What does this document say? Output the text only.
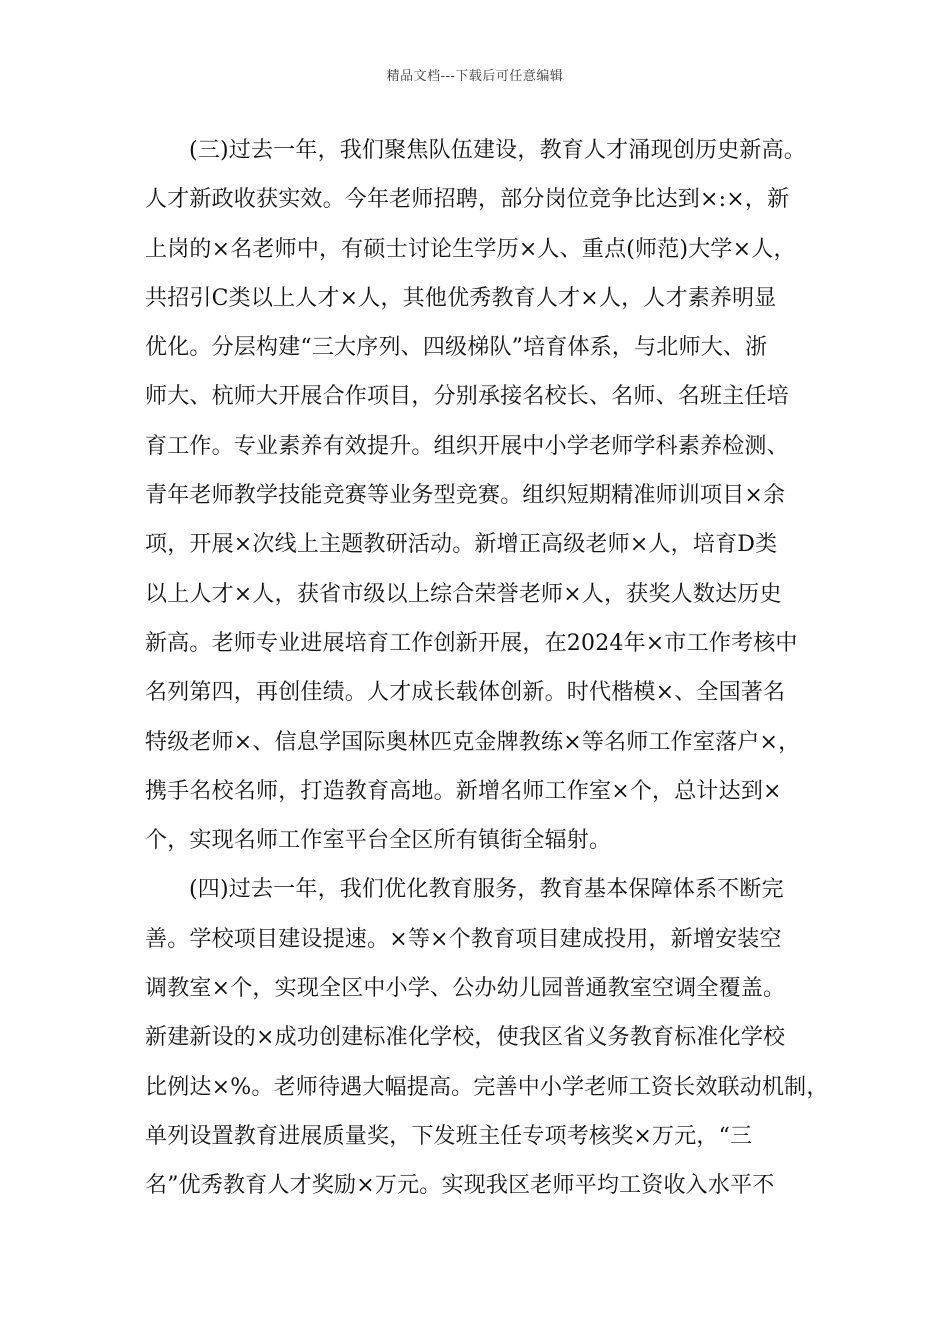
精品文档---下载后可任意编辑
(三)过去一年，我们聚焦队伍建设，教育人才涌现创历史新高。
人才新政收获实效。今年老师招聘，部分岗位竞争比达到×:×，新
上岗的×名老师中，有硕士讨论生学历×人、重点(师范)大学×人，
共招引C类以上人才×人，其他优秀教育人才×人，人才素养明显
优化。分层构建“三大序列、四级梯队”培育体系，与北师大、浙
师大、杭师大开展合作项目，分别承接名校长、名师、名班主任培
育工作。专业素养有效提升。组织开展中小学老师学科素养检测、
青年老师教学技能竞赛等业务型竞赛。组织短期精准师训项目×余
项，开展×次线上主题教研活动。新增正高级老师×人，培育D类
以上人才×人，获省市级以上综合荣誉老师×人，获奖人数达历史
新高。老师专业进展培育工作创新开展，在2024年×市工作考核中
名列第四，再创佳绩。人才成长载体创新。时代楷模×、全国著名
特级老师×、信息学国际奥林匹克金牌教练×等名师工作室落户×，
携手名校名师，打造教育高地。新增名师工作室×个，总计达到×
个，实现名师工作室平台全区所有镇街全辐射。
(四)过去一年，我们优化教育服务，教育基本保障体系不断完
善。学校项目建设提速。×等×个教育项目建成投用，新增安装空
调教室×个，实现全区中小学、公办幼儿园普通教室空调全覆盖。
新建新设的×成功创建标准化学校，使我区省义务教育标准化学校
比例达×%。老师待遇大幅提高。完善中小学老师工资长效联动机制，
单列设置教育进展质量奖，下发班主任专项考核奖×万元，“三
名”优秀教育人才奖励×万元。实现我区老师平均工资收入水平不
